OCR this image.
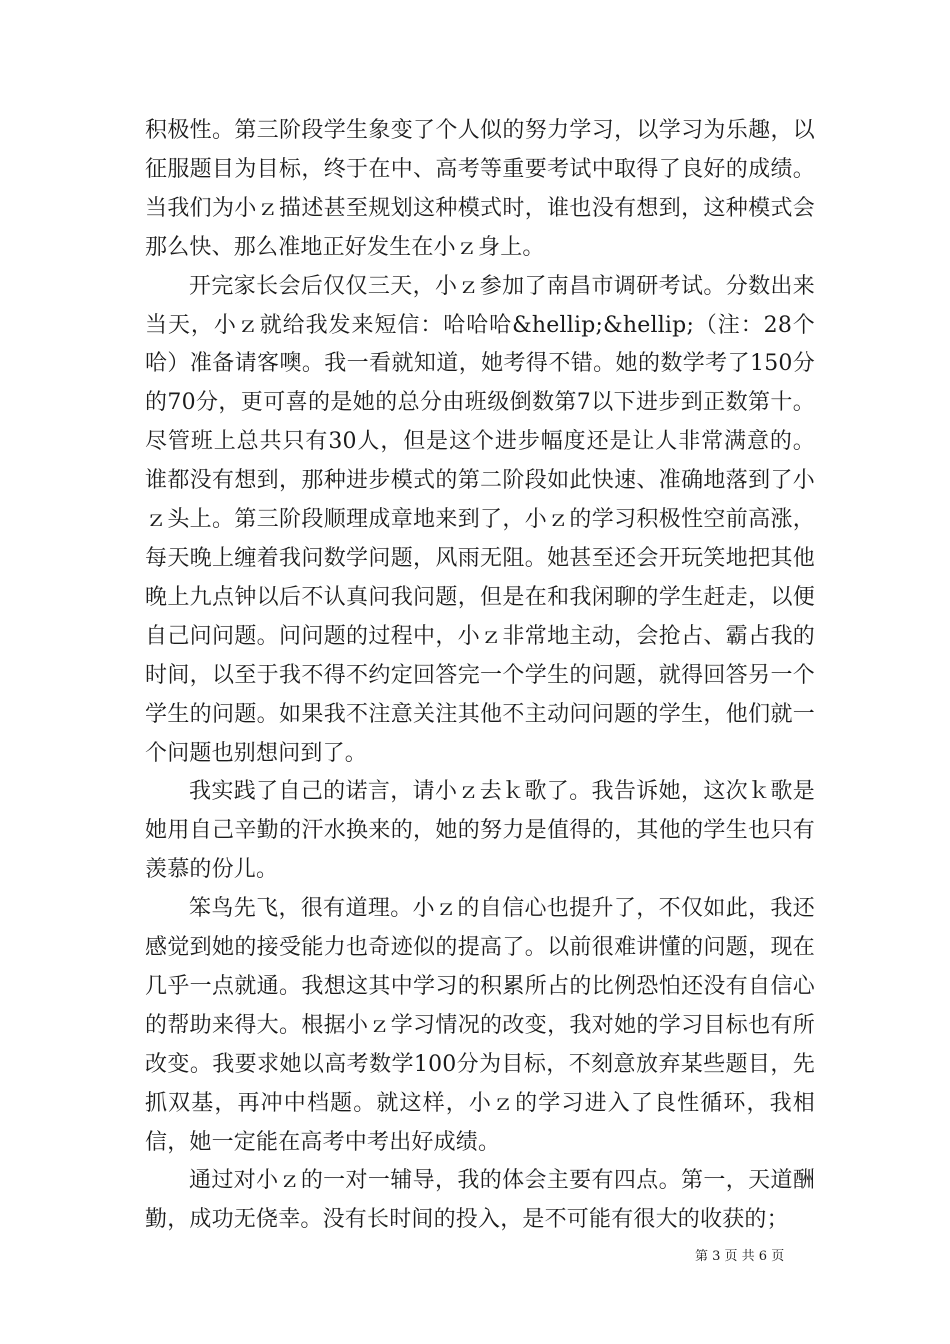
积极性。第三阶段学生象变了个人似的努力学习，以学习为乐趣，以征服题目为目标，终于在中、高考等重要考试中取得了良好的成绩。当我们为小ｚ描述甚至规划这种模式时，谁也没有想到，这种模式会那么快、那么准地正好发生在小ｚ身上。

开完家长会后仅仅三天，小ｚ参加了南昌市调研考试。分数出来当天，小ｚ就给我发来短信：哈哈哈&hellip;&hellip;（注：28个哈）准备请客噢。我一看就知道，她考得不错。她的数学考了150分的70分，更可喜的是她的总分由班级倒数第7以下进步到正数第十。尽管班上总共只有30人，但是这个进步幅度还是让人非常满意的。谁都没有想到，那种进步模式的第二阶段如此快速、准确地落到了小ｚ头上。第三阶段顺理成章地来到了，小ｚ的学习积极性空前高涨，每天晚上缠着我问数学问题，风雨无阻。她甚至还会开玩笑地把其他晚上九点钟以后不认真问我问题，但是在和我闲聊的学生赶走，以便自己问问题。问问题的过程中，小ｚ非常地主动，会抢占、霸占我的时间，以至于我不得不约定回答完一个学生的问题，就得回答另一个学生的问题。如果我不注意关注其他不主动问问题的学生，他们就一个问题也别想问到了。

我实践了自己的诺言，请小ｚ去ｋ歌了。我告诉她，这次ｋ歌是她用自己辛勤的汗水换来的，她的努力是值得的，其他的学生也只有羡慕的份儿。

笨鸟先飞，很有道理。小ｚ的自信心也提升了，不仅如此，我还感觉到她的接受能力也奇迹似的提高了。以前很难讲懂的问题，现在几乎一点就通。我想这其中学习的积累所占的比例恐怕还没有自信心的帮助来得大。根据小ｚ学习情况的改变，我对她的学习目标也有所改变。我要求她以高考数学100分为目标，不刻意放弃某些题目，先抓双基，再冲中档题。就这样，小ｚ的学习进入了良性循环，我相信，她一定能在高考中考出好成绩。

通过对小ｚ的一对一辅导，我的体会主要有四点。第一，天道酬勤，成功无侥幸。没有长时间的投入，是不可能有很大的收获的；

第 3 页 共 6 页
